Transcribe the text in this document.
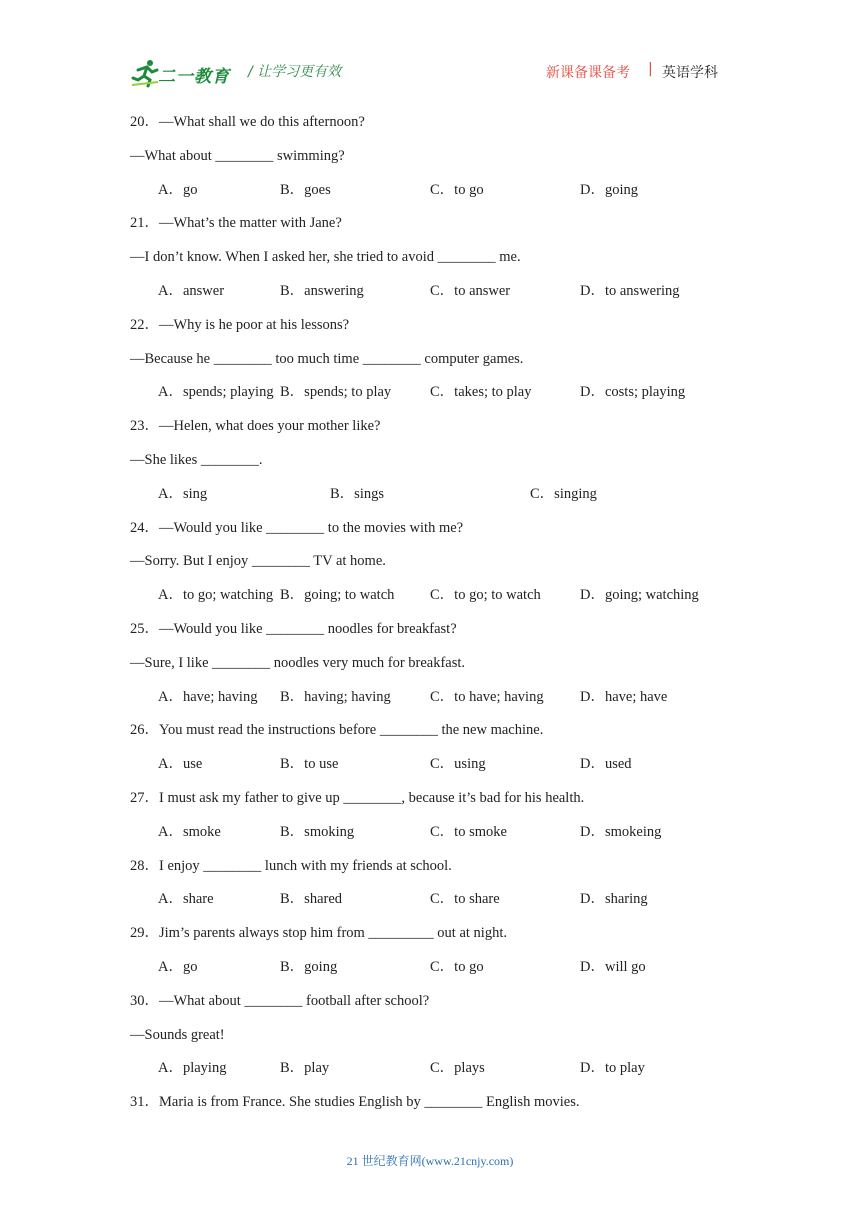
二一教育 / 让学习更有效	新课备课备考 | 英语学科
20．—What shall we do this afternoon?
—What about ________ swimming?
A．go	B．goes	C．to go	D．going
21．—What’s the matter with Jane?
—I don’t know. When I asked her, she tried to avoid ________ me.
A．answer	B．answering	C．to answer	D．to answering
22．—Why is he poor at his lessons?
—Because he ________ too much time ________ computer games.
A．spends; playing B．spends; to play	C．takes; to play	D．costs; playing
23．—Helen, what does your mother like?
—She likes ________.
A．sing	B．sings	C．singing
24．—Would you like ________ to the movies with me?
—Sorry. But I enjoy ________ TV at home.
A．to go; watching B．going; to watch C．to go; to watch	D．going; watching
25．—Would you like ________ noodles for breakfast?
—Sure, I like ________ noodles very much for breakfast.
A．have; having B．having; having	C．to have; having	D．have; have
26．You must read the instructions before ________ the new machine.
A．use	B．to use	C．using	D．used
27．I must ask my father to give up ________, because it’s bad for his health.
A．smoke	B．smoking	C．to smoke	D．smokeing
28．I enjoy ________ lunch with my friends at school.
A．share	B．shared	C．to share	D．sharing
29．Jim’s parents always stop him from _________ out at night.
A．go	B．going	C．to go	D．will go
30．—What about ________ football after school?
—Sounds great!
A．playing	B．play	C．plays	D．to play
31．Maria is from France. She studies English by ________ English movies.
21 世纪教育网(www.21cnjy.com)
